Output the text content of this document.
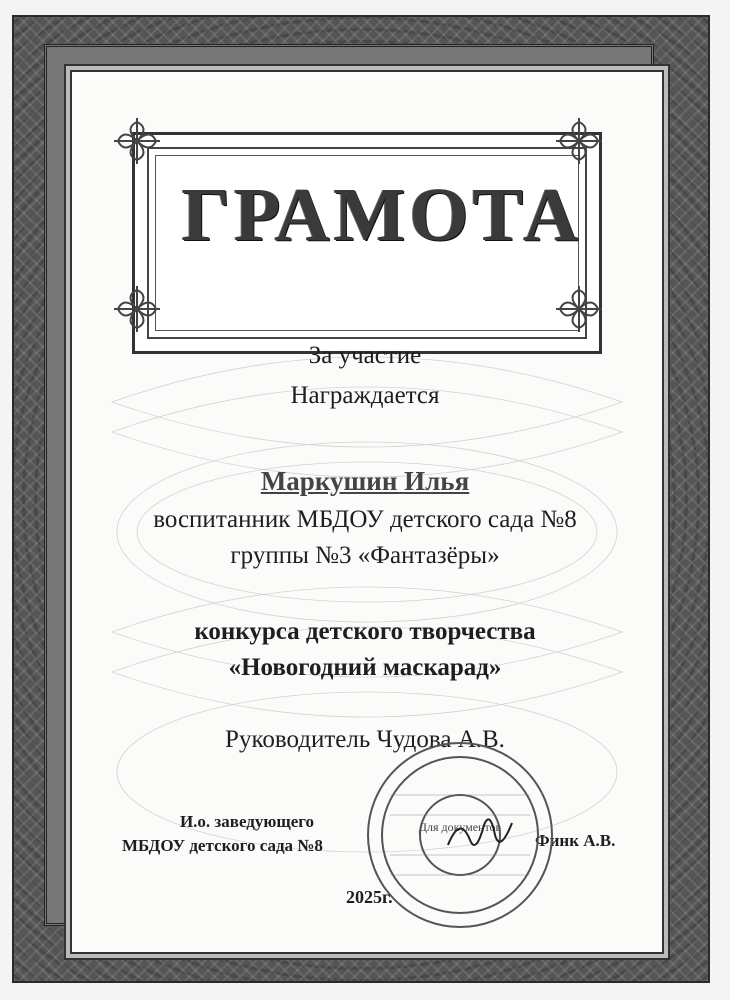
ГРАМОТА
За участие
Награждается
Маркушин Илья
воспитанник МБДОУ детского сада №8
группы №3 «Фантазёры»
конкурса детского творчества
«Новогодний маскарад»
Руководитель Чудова А.В.
И.о. заведующего
МБДОУ детского сада №8	Финк А.В.
Для документов
2025г.
